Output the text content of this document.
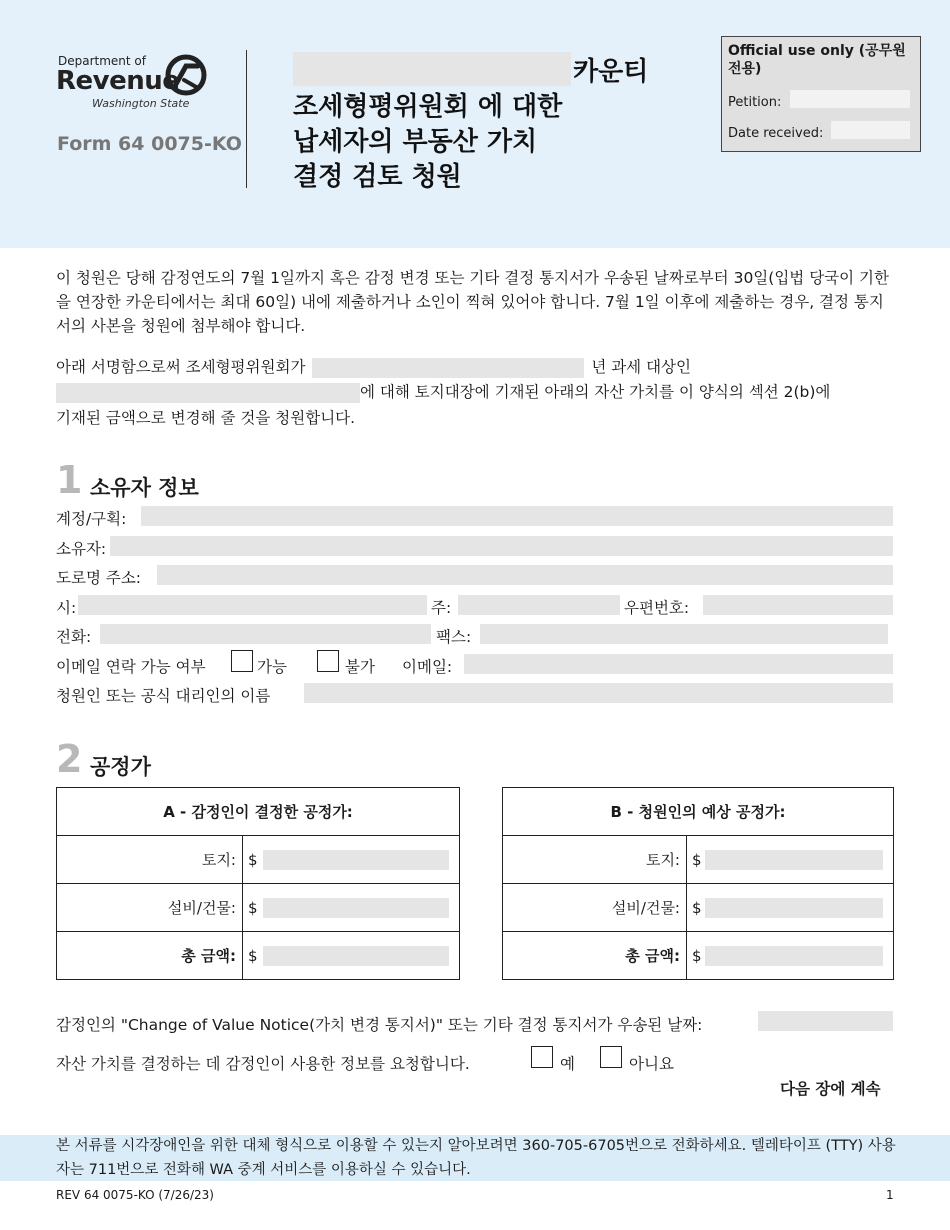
Department of
Revenue
Washington State
Form 64 0075-KO
카운티
조세형평위원회 에 대한
납세자의 부동산 가치
결정 검토 청원
Official use only (공무원 전용)
Petition:
Date received:
이 청원은 당해 감정연도의 7월 1일까지 혹은 감정 변경 또는 기타 결정 통지서가 우송된 날짜로부터 30일(입법 당국이 기한을 연장한 카운티에서는 최대 60일) 내에 제출하거나 소인이 찍혀 있어야 합니다. 7월 1일 이후에 제출하는 경우, 결정 통지서의 사본을 청원에 첨부해야 합니다.
아래 서명함으로써 조세형평위원회가	년 과세 대상인
에 대해 토지대장에 기재된 아래의 자산 가치를 이 양식의 섹션 2(b)에
기재된 금액으로 변경해 줄 것을 청원합니다.
1 소유자 정보
계정/구획:
소유자:
도로명 주소:
시:	주:	우편번호:
전화:	팩스:
이메일 연락 가능 여부	가능	불가 이메일:
청원인 또는 공식 대리인의 이름
2 공정가
A - 감정인이 결정한 공정가:	
토지:	$

설비/건물:	$

총 금액:	$
B - 청원인의 예상 공정가:	
토지:	$

설비/건물:	$

총 금액:	$
감정인의 "Change of Value Notice(가치 변경 통지서)" 또는 기타 결정 통지서가 우송된 날짜:
자산 가치를 결정하는 데 감정인이 사용한 정보를 요청합니다.	예	아니요
다음 장에 계속
본 서류를 시각장애인을 위한 대체 형식으로 이용할 수 있는지 알아보려면 360-705-6705번으로 전화하세요. 텔레타이프 (TTY) 사용자는 711번으로 전화해 WA 중계 서비스를 이용하실 수 있습니다.
REV 64 0075-KO (7/26/23)	1
